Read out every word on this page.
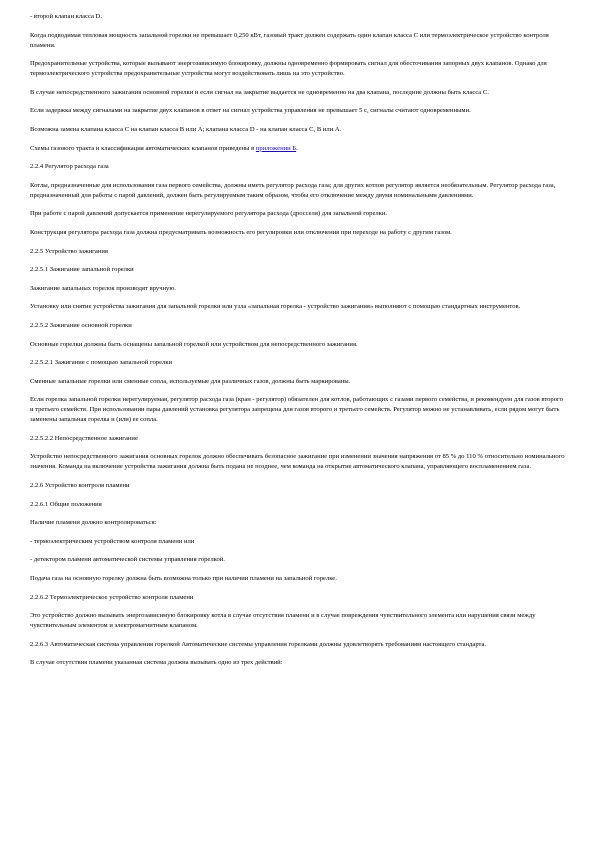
- второй клапан класса D.
Когда подводимая тепловая мощность запальной горелки не превышает 0,250 кВт, газовый тракт должен содержать один клапан класса C или термоэлектрическое устройство контроля пламени.
Предохранительные устройства, которые вызывают энергозависимую блокировку, должны одновременно формировать сигнал для обесточивания запорных двух клапанов. Однако для термоэлектрического устройства предохранительные устройства могут воздействовать лишь на это устройство.
В случае непосредственного зажигания основной горелки и если сигнал на закрытие выдается не одновременно на два клапана, последние должны быть класса C.
Если задержка между сигналами на закрытие двух клапанов в ответ на сигнал устройства управления не превышает 5 с, сигналы считают одновременными.
Возможна замена клапана класса C на клапан класса B или A; клапана класса D - на клапан класса C, B или A.
Схемы газового тракта и классификация автоматических клапанов приведены в приложении Б.
2.2.4 Регулятор расхода газа
Котлы, предназначенные для использования газа первого семейства, должны иметь регулятор расхода газа; для других котлов регулятор является необязательным. Регулятор расхода газа, предназначенный для работы с парой давлений, должен быть регулируемым таким образом, чтобы его отключение между двумя номинальными давлениями.
При работе с парой давлений допускается применение нерегулируемого регулятора расхода (дросселя) для запальной горелки.
Конструкция регулятора расхода газа должна предусматривать возможность его регулировки или отключения при переходе на работу с другим газом.
2.2.5 Устройство зажигания
2.2.5.1 Зажигание запальной горелки
Зажигание запальных горелок производят вручную.
Установку или снятие устройства зажигания для запальной горелки или узла «запальная горелка - устройство зажигания» выполняют с помощью стандартных инструментов.
2.2.5.2 Зажигание основной горелки
Основные горелки должны быть оснащены запальной горелкой или устройством для непосредственного зажигания.
2.2.5.2.1 Зажигание с помощью запальной горелки
Сменные запальные горелки или сменные сопла, используемые для различных газов, должны быть маркированы.
Если горелка запальной горелки нерегулируемая, регулятор расхода газа (кран - регулятор) обязателен для котлов, работающих с газами первого семейства, и рекомендуем для газов второго и третьего семейств. При использовании пары давлений установка регулятора запрещена для газов второго и третьего семейств. Регулятор можно не устанавливать, если рядом могут быть заменены запальная горелка и (или) ее сопла.
2.2.5.2.2 Непосредственное зажигание
Устройство непосредственного зажигания основных горелок должно обеспечивать безопасное зажигание при изменении значения напряжения от 85 % до 110 % относительно номинального значения. Команда на включение устройства зажигания должна быть подана не позднее, чем команда на открытие автоматического клапана, управляющего воспламенением газа.
2.2.6 Устройство контроля пламени
2.2.6.1 Общие положения
Наличие пламени должно контролироваться:
- термоэлектрическим устройством контроля пламени или
- детектором пламени автоматической системы управления горелкой.
Подача газа на основную горелку должна быть возможна только при наличии пламени на запальной горелке.
2.2.6.2 Термоэлектрическое устройство контроля пламени
Это устройство должно вызывать энергозависимую блокировку котла в случае отсутствия пламени и в случае повреждения чувствительного элемента или нарушения связи между чувствительным элементом и электромагнитным клапаном.
2.2.6.3 Автоматическая система управления горелкой Автоматические системы управления горелками должны удовлетворять требованиям настоящего стандарта.
В случае отсутствия пламени указанная система должна вызывать одно из трех действий:
